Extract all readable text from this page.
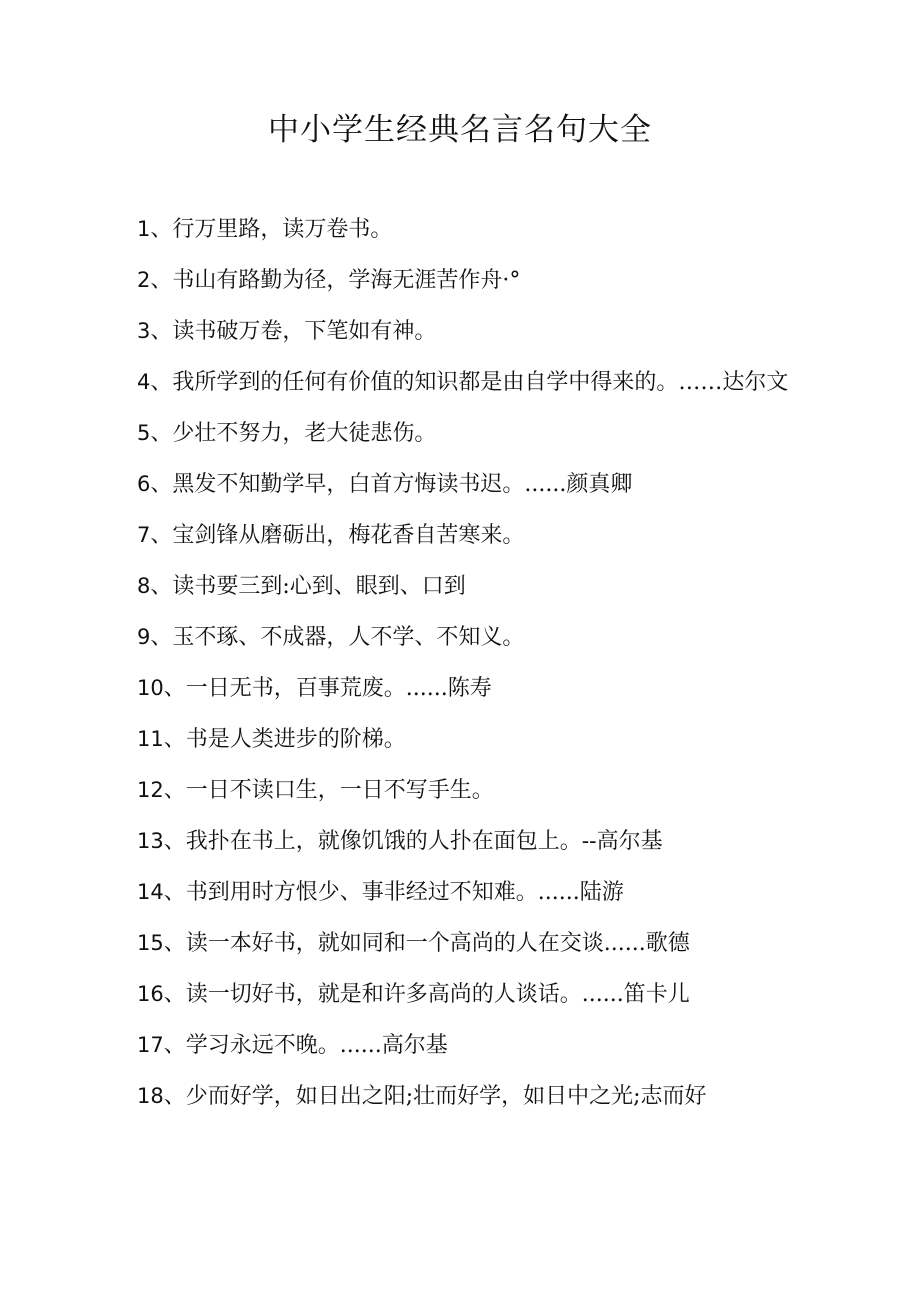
中小学生经典名言名句大全
1、行万里路，读万卷书。
2、书山有路勤为径，学海无涯苦作舟·°
3、读书破万卷，下笔如有神。
4、我所学到的任何有价值的知识都是由自学中得来的。……达尔文
5、少壮不努力，老大徒悲伤。
6、黑发不知勤学早，白首方悔读书迟。......颜真卿
7、宝剑锋从磨砺出，梅花香自苦寒来。
8、读书要三到:心到、眼到、口到
9、玉不琢、不成器，人不学、不知义。
10、一日无书，百事荒废。......陈寿
11、书是人类进步的阶梯。
12、一日不读口生，一日不写手生。
13、我扑在书上，就像饥饿的人扑在面包上。--高尔基
14、书到用时方恨少、事非经过不知难。......陆游
15、读一本好书，就如同和一个高尚的人在交谈......歌德
16、读一切好书，就是和许多高尚的人谈话。......笛卡儿
17、学习永远不晚。......高尔基
18、少而好学，如日出之阳;壮而好学，如日中之光;志而好
